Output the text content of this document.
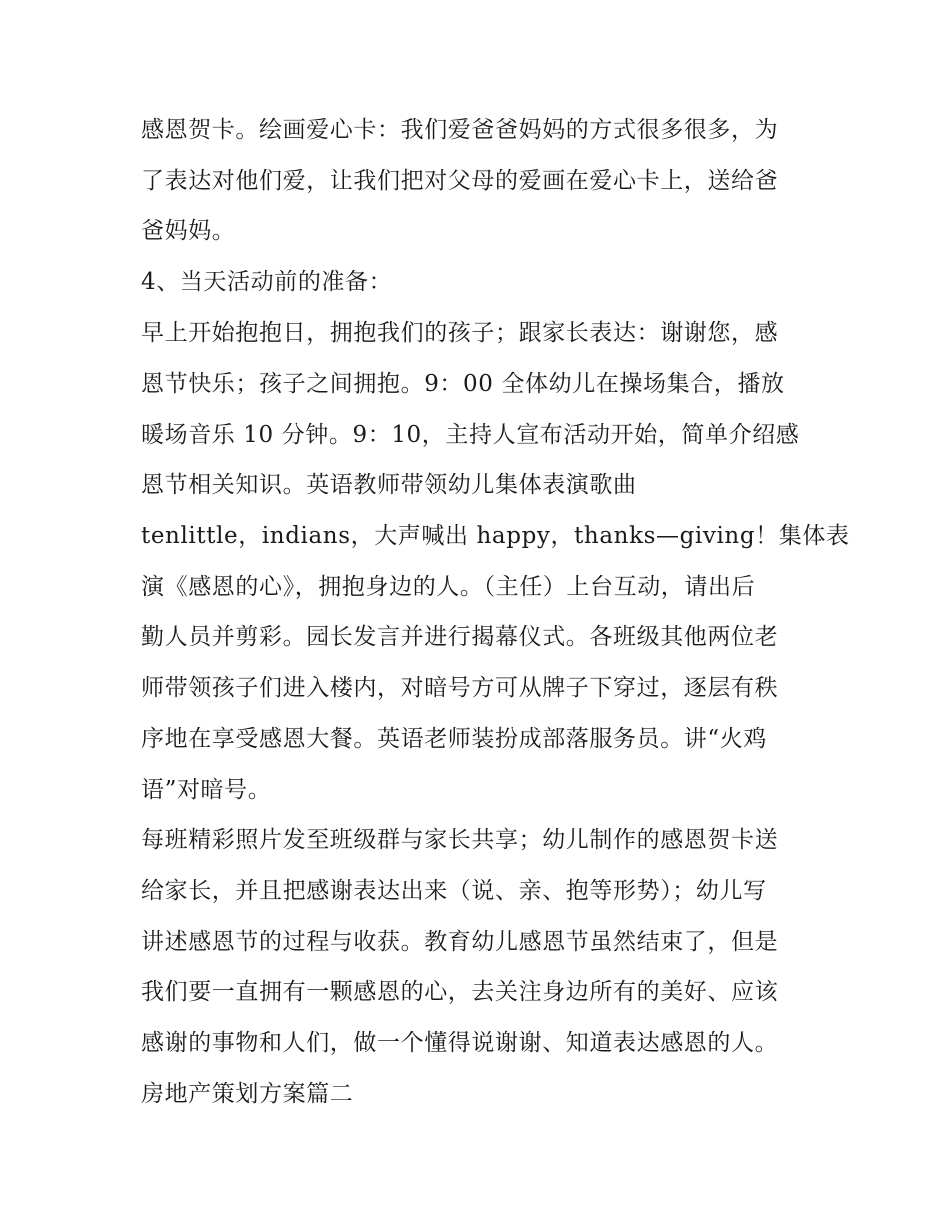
感恩贺卡。绘画爱心卡：我们爱爸爸妈妈的方式很多很多，为
了表达对他们爱，让我们把对父母的爱画在爱心卡上，送给爸
爸妈妈。
4、当天活动前的准备：
早上开始抱抱日，拥抱我们的孩子；跟家长表达：谢谢您，感
恩节快乐；孩子之间拥抱。9：00 全体幼儿在操场集合，播放
暖场音乐 10 分钟。9：10，主持人宣布活动开始，简单介绍感
恩节相关知识。英语教师带领幼儿集体表演歌曲
tenlittle，indians，大声喊出 happy，thanks—giving！集体表
演《感恩的心》，拥抱身边的人。（主任）上台互动，请出后
勤人员并剪彩。园长发言并进行揭幕仪式。各班级其他两位老
师带领孩子们进入楼内，对暗号方可从牌子下穿过，逐层有秩
序地在享受感恩大餐。英语老师装扮成部落服务员。讲“火鸡
语”对暗号。
每班精彩照片发至班级群与家长共享；幼儿制作的感恩贺卡送
给家长，并且把感谢表达出来（说、亲、抱等形势）；幼儿写
讲述感恩节的过程与收获。教育幼儿感恩节虽然结束了，但是
我们要一直拥有一颗感恩的心，去关注身边所有的美好、应该
感谢的事物和人们，做一个懂得说谢谢、知道表达感恩的人。
房地产策划方案篇二
